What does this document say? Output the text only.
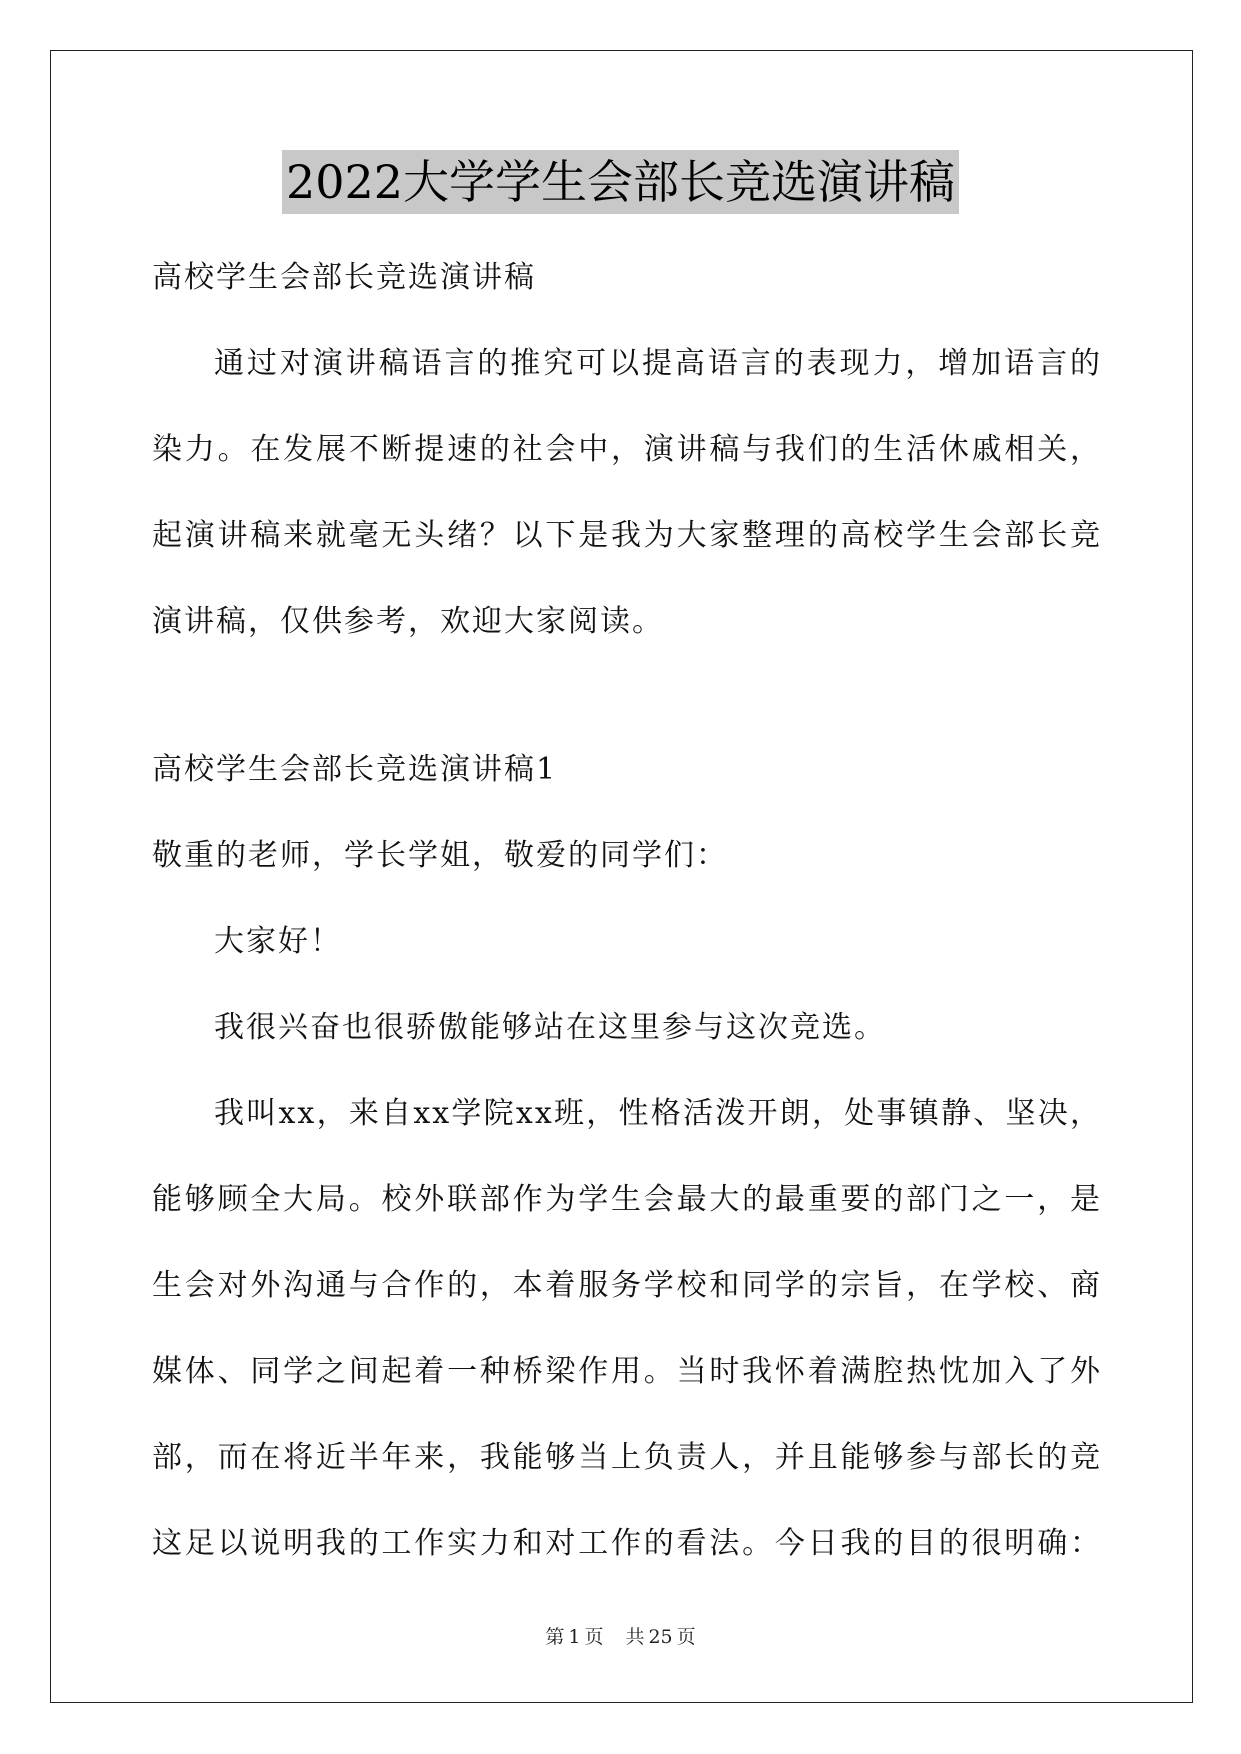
2022大学学生会部长竞选演讲稿
高校学生会部长竞选演讲稿
通过对演讲稿语言的推究可以提高语言的表现力，增加语言的
染力。在发展不断提速的社会中，演讲稿与我们的生活休戚相关，
起演讲稿来就毫无头绪？以下是我为大家整理的高校学生会部长竞
演讲稿，仅供参考，欢迎大家阅读。
高校学生会部长竞选演讲稿1
敬重的老师，学长学姐，敬爱的同学们：
大家好！
我很兴奋也很骄傲能够站在这里参与这次竞选。
我叫xx，来自xx学院xx班，性格活泼开朗，处事镇静、坚决，
能够顾全大局。校外联部作为学生会最大的最重要的部门之一，是
生会对外沟通与合作的，本着服务学校和同学的宗旨，在学校、商
媒体、同学之间起着一种桥梁作用。当时我怀着满腔热忱加入了外
部，而在将近半年来，我能够当上负责人，并且能够参与部长的竞
这足以说明我的工作实力和对工作的看法。今日我的目的很明确：
第 1 页 共 25 页
